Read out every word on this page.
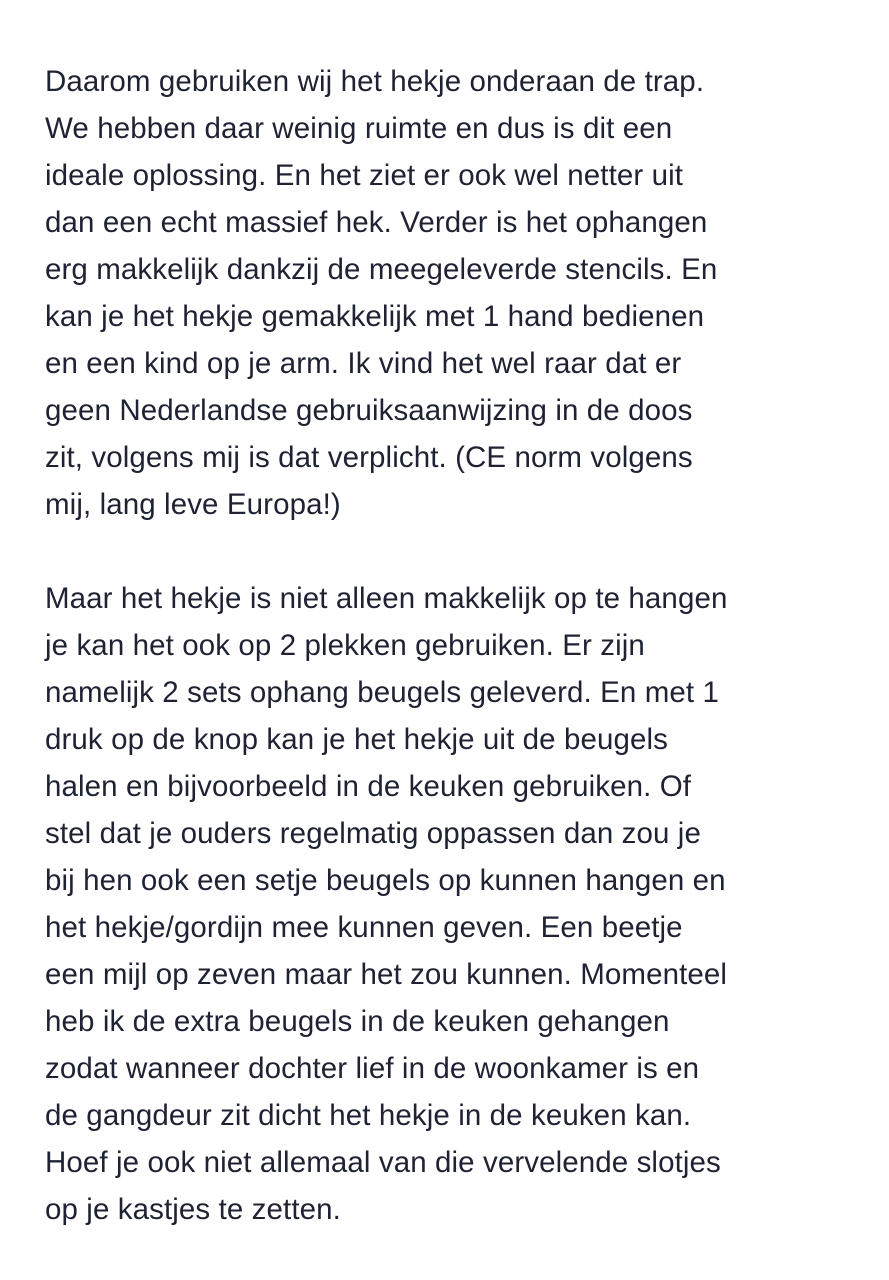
Daarom gebruiken wij het hekje onderaan de trap.
We hebben daar weinig ruimte en dus is dit een
ideale oplossing. En het ziet er ook wel netter uit
dan een echt massief hek. Verder is het ophangen
erg makkelijk dankzij de meegeleverde stencils. En
kan je het hekje gemakkelijk met 1 hand bedienen
en een kind op je arm. Ik vind het wel raar dat er
geen Nederlandse gebruiksaanwijzing in de doos
zit, volgens mij is dat verplicht. (CE norm volgens
mij, lang leve Europa!)
Maar het hekje is niet alleen makkelijk op te hangen
je kan het ook op 2 plekken gebruiken. Er zijn
namelijk 2 sets ophang beugels geleverd. En met 1
druk op de knop kan je het hekje uit de beugels
halen en bijvoorbeeld in de keuken gebruiken. Of
stel dat je ouders regelmatig oppassen dan zou je
bij hen ook een setje beugels op kunnen hangen en
het hekje/gordijn mee kunnen geven. Een beetje
een mijl op zeven maar het zou kunnen. Momenteel
heb ik de extra beugels in de keuken gehangen
zodat wanneer dochter lief in de woonkamer is en
de gangdeur zit dicht het hekje in de keuken kan.
Hoef je ook niet allemaal van die vervelende slotjes
op je kastjes te zetten.
